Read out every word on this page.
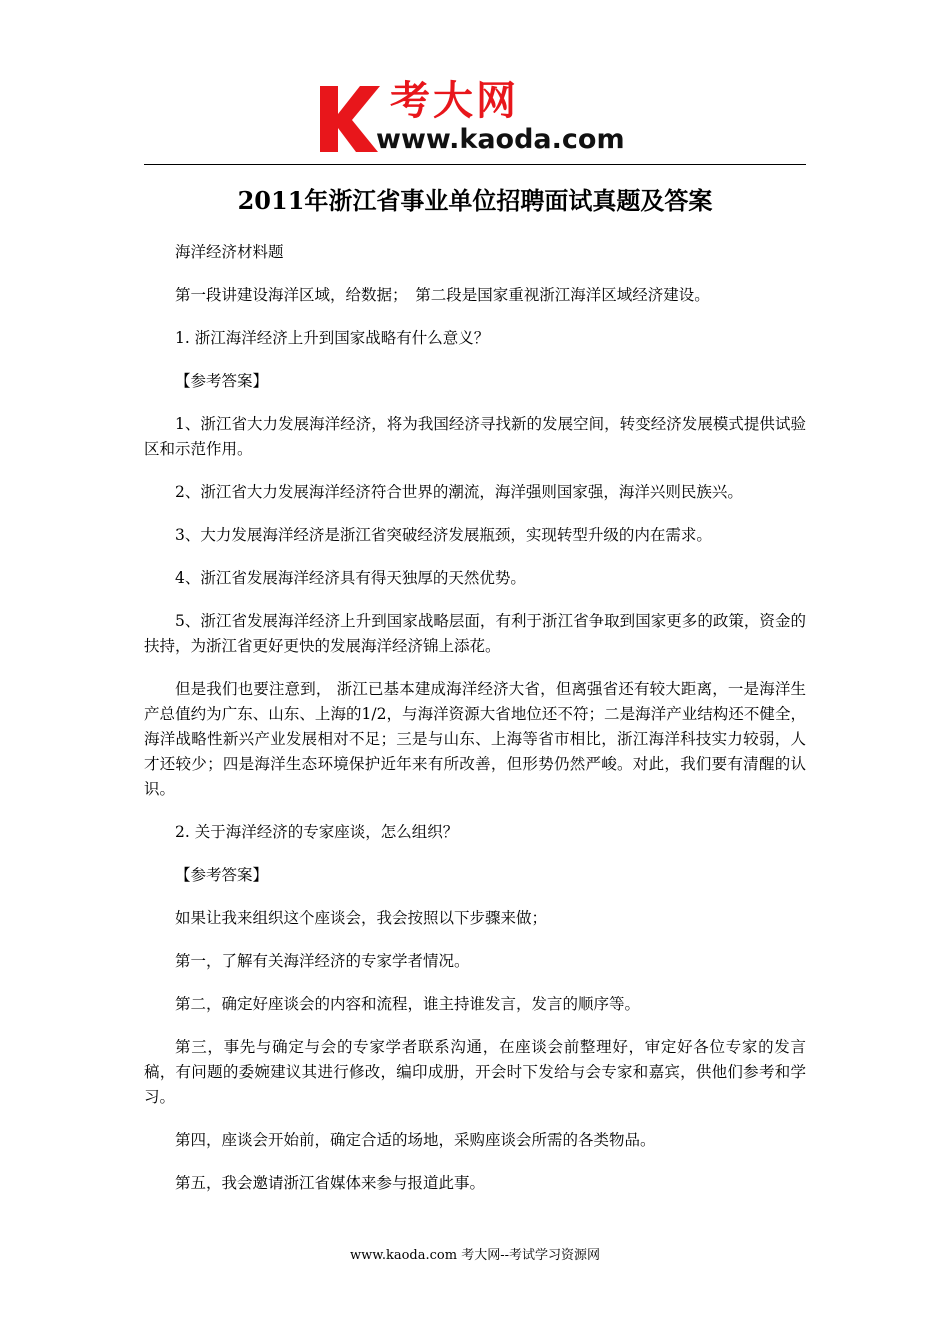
考大网
www.kaoda.com
2011年浙江省事业单位招聘面试真题及答案

海洋经济材料题

第一段讲建设海洋区域，给数据；　第二段是国家重视浙江海洋区域经济建设。

1. 浙江海洋经济上升到国家战略有什么意义？

【参考答案】

1、浙江省大力发展海洋经济，将为我国经济寻找新的发展空间，转变经济发展模式提供试验区和示范作用。

2、浙江省大力发展海洋经济符合世界的潮流，海洋强则国家强，海洋兴则民族兴。

3、大力发展海洋经济是浙江省突破经济发展瓶颈，实现转型升级的内在需求。

4、浙江省发展海洋经济具有得天独厚的天然优势。

5、浙江省发展海洋经济上升到国家战略层面，有利于浙江省争取到国家更多的政策，资金的扶持，为浙江省更好更快的发展海洋经济锦上添花。

但是我们也要注意到， 浙江已基本建成海洋经济大省，但离强省还有较大距离，一是海洋生产总值约为广东、山东、上海的1/2，与海洋资源大省地位还不符；二是海洋产业结构还不健全，海洋战略性新兴产业发展相对不足；三是与山东、上海等省市相比，浙江海洋科技实力较弱，人才还较少；四是海洋生态环境保护近年来有所改善，但形势仍然严峻。对此，我们要有清醒的认识。

2. 关于海洋经济的专家座谈，怎么组织？

【参考答案】

如果让我来组织这个座谈会，我会按照以下步骤来做；

第一，了解有关海洋经济的专家学者情况。

第二，确定好座谈会的内容和流程，谁主持谁发言，发言的顺序等。

第三，事先与确定与会的专家学者联系沟通，在座谈会前整理好，审定好各位专家的发言稿，有问题的委婉建议其进行修改，编印成册，开会时下发给与会专家和嘉宾，供他们参考和学习。

第四，座谈会开始前，确定合适的场地，采购座谈会所需的各类物品。

第五，我会邀请浙江省媒体来参与报道此事。

www.kaoda.com 考大网--考试学习资源网
